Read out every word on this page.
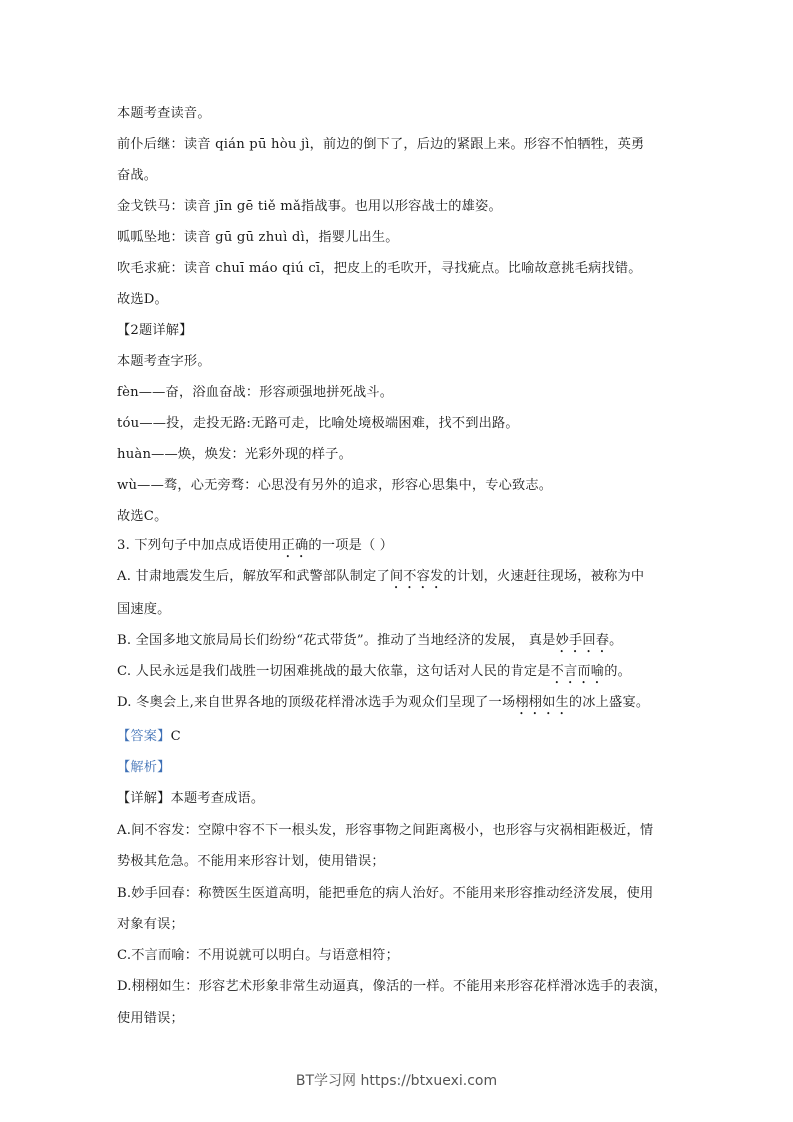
本题考查读音。
前仆后继：读音 qián pū hòu jì，前边的倒下了，后边的紧跟上来。形容不怕牺牲，英勇
奋战。
金戈铁马：读音 jīn gē tiě mǎ指战事。也用以形容战士的雄姿。
呱呱坠地：读音 gū gū zhuì dì，指婴儿出生。
吹毛求疵：读音 chuī máo qiú cī，把皮上的毛吹开，寻找疵点。比喻故意挑毛病找错。
故选D。
【2题详解】
本题考查字形。
fèn——奋，浴血奋战：形容顽强地拼死战斗。
tóu——投，走投无路:无路可走，比喻处境极端困难，找不到出路。
huàn——焕，焕发：光彩外现的样子。
wù——骛，心无旁骛：心思没有另外的追求，形容心思集中，专心致志。
故选C。
3. 下列句子中加点成语使用正确的一项是（ ）
A. 甘肃地震发生后，解放军和武警部队制定了间不容发的计划，火速赶往现场，被称为中
国速度。
B. 全国多地文旅局局长们纷纷“花式带货”。推动了当地经济的发展， 真是妙手回春。
C. 人民永远是我们战胜一切困难挑战的最大依靠，这句话对人民的肯定是不言而喻的。
D. 冬奥会上,来自世界各地的顶级花样滑冰选手为观众们呈现了一场栩栩如生的冰上盛宴。
【答案】C
【解析】
【详解】本题考查成语。
A.间不容发：空隙中容不下一根头发，形容事物之间距离极小，也形容与灾祸相距极近，情
势极其危急。不能用来形容计划，使用错误；
B.妙手回春：称赞医生医道高明，能把垂危的病人治好。不能用来形容推动经济发展，使用
对象有误；
C.不言而喻：不用说就可以明白。与语意相符；
D.栩栩如生：形容艺术形象非常生动逼真，像活的一样。不能用来形容花样滑冰选手的表演，
使用错误；
BT学习网 https://btxuexi.com
